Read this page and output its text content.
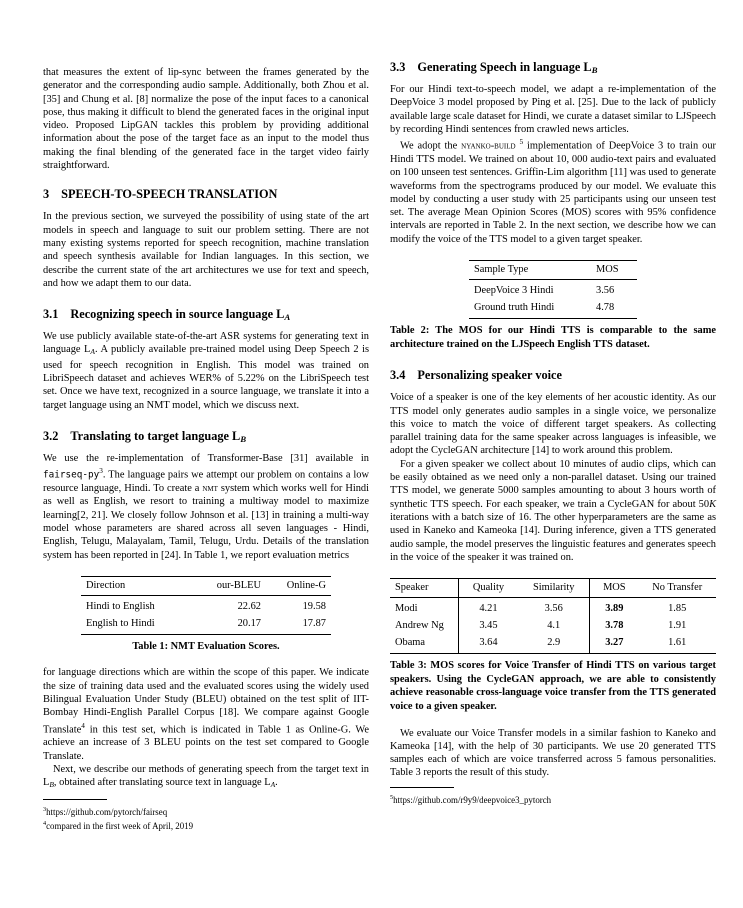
that measures the extent of lip-sync between the frames generated by the generator and the corresponding audio sample. Additionally, both Zhou et al. [35] and Chung et al. [8] normalize the pose of the input faces to a canonical pose, thus making it difficult to blend the generated faces in the original input video. Proposed LipGAN tackles this problem by providing additional information about the pose of the target face as an input to the model thus making the final blending of the generated face in the target video fairly straightforward.

3 SPEECH-TO-SPEECH TRANSLATION

In the previous section, we surveyed the possibility of using state of the art models in speech and language to suit our problem setting. There are not many existing systems reported for speech recognition, machine translation and speech synthesis available for Indian languages. In this section, we describe the current state of the art architectures we use for text and speech, and how we adapt them to our data.

3.1 Recognizing speech in source language LA

We use publicly available state-of-the-art ASR systems for generating text in language LA. A publicly available pre-trained model using Deep Speech 2 is used for speech recognition in English. This model was trained on LibriSpeech dataset and achieves WER% of 5.22% on the LibriSpeech test set. Once we have text, recognized in a source language, we translate it into a target language using an NMT model, which we discuss next.

3.2 Translating to target language LB

We use the re-implementation of Transformer-Base [31] available in fairseq-$py^3$. The language pairs we attempt our problem on contains a low resource language, Hindi. To create a nmt system which works well for Hindi as well as English, we resort to training a multiway model to maximize learning[2, 21]. We closely follow Johnson et al. [13] in training a multi-way model whose parameters are shared across all seven languages - Hindi, English, Telugu, Malayalam, Tamil, Telugu, Urdu. Details of the translation system has been reported in [24]. In Table 1, we report evaluation metrics

Direction	our-BLEU	Online-G
Hindi to English	22.62	19.58
English to Hindi	20.17	17.87

Table 1: NMT Evaluation Scores.

for language directions which are within the scope of this paper. We indicate the size of training data used and the evaluated scores using the widely used Bilingual Evaluation Under Study (BLEU) obtained on the test split of IIT-Bombay Hindi-English Parallel Corpus [18]. We compare against Google Translate$^4$ in this test set, which is indicated in Table 1 as Online-G. We achieve an increase of 3 BLEU points on the test set compared to Google Translate.

Next, we describe our methods of generating speech from the target text in LB, obtained after translating source text in language LA.

$^3$https://github.com/pytorch/fairseq

$^4$compared in the first week of April, 2019

3.3 Generating Speech in language LB

For our Hindi text-to-speech model, we adapt a re-implementation of the DeepVoice 3 model proposed by Ping et al. [25]. Due to the lack of publicly available large scale dataset for Hindi, we curate a dataset similar to LJSpeech by recording Hindi sentences from crawled news articles.

We adopt the nyanko-build $^5$ implementation of DeepVoice 3 to train our Hindi TTS model. We trained on about 10, 000 audio-text pairs and evaluated on 100 unseen test sentences. Griffin-Lim algorithm [11] was used to generate waveforms from the spectrograms produced by our model. We evaluate this model by conducting a user study with 25 participants using our unseen test set. The average Mean Opinion Scores (MOS) scores with 95% confidence intervals are reported in Table 2. In the next section, we describe how we can modify the voice of the TTS model to a given target speaker.

Sample Type	MOS
DeepVoice 3 Hindi	3.56
Ground truth Hindi	4.78

Table 2: The MOS for our Hindi TTS is comparable to the same architecture trained on the LJSpeech English TTS dataset.

3.4 Personalizing speaker voice

Voice of a speaker is one of the key elements of her acoustic identity. As our TTS model only generates audio samples in a single voice, we personalize this voice to match the voice of different target speakers. As collecting parallel training data for the same speaker across languages is infeasible, we adopt the CycleGAN architecture [14] to work around this problem.

For a given speaker we collect about 10 minutes of audio clips, which can be easily obtained as we need only a non-parallel dataset. Using our trained TTS model, we generate 5000 samples amounting to about 3 hours worth of synthetic TTS speech. For each speaker, we train a CycleGAN for about 50K iterations with a batch size of 16. The other hyperparameters are the same as used in Kaneko and Kameoka [14]. During inference, given a TTS generated audio sample, the model preserves the linguistic features and generates speech in the voice of the speaker it was trained on.

Speaker	Quality	Similarity	MOS	No Transfer
Modi	4.21	3.56	3.89	1.85
Andrew Ng	3.45	4.1	3.78	1.91
Obama	3.64	2.9	3.27	1.61

Table 3: MOS scores for Voice Transfer of Hindi TTS on various target speakers. Using the CycleGAN approach, we are able to consistently achieve reasonable cross-language voice transfer from the TTS generated voice to a given speaker.

We evaluate our Voice Transfer models in a similar fashion to Kaneko and Kameoka [14], with the help of 30 participants. We use 20 generated TTS samples each of which are voice transferred across 5 famous personalities. Table 3 reports the result of this study.

$^5$https://github.com/r9y9/deepvoice3_pytorch
